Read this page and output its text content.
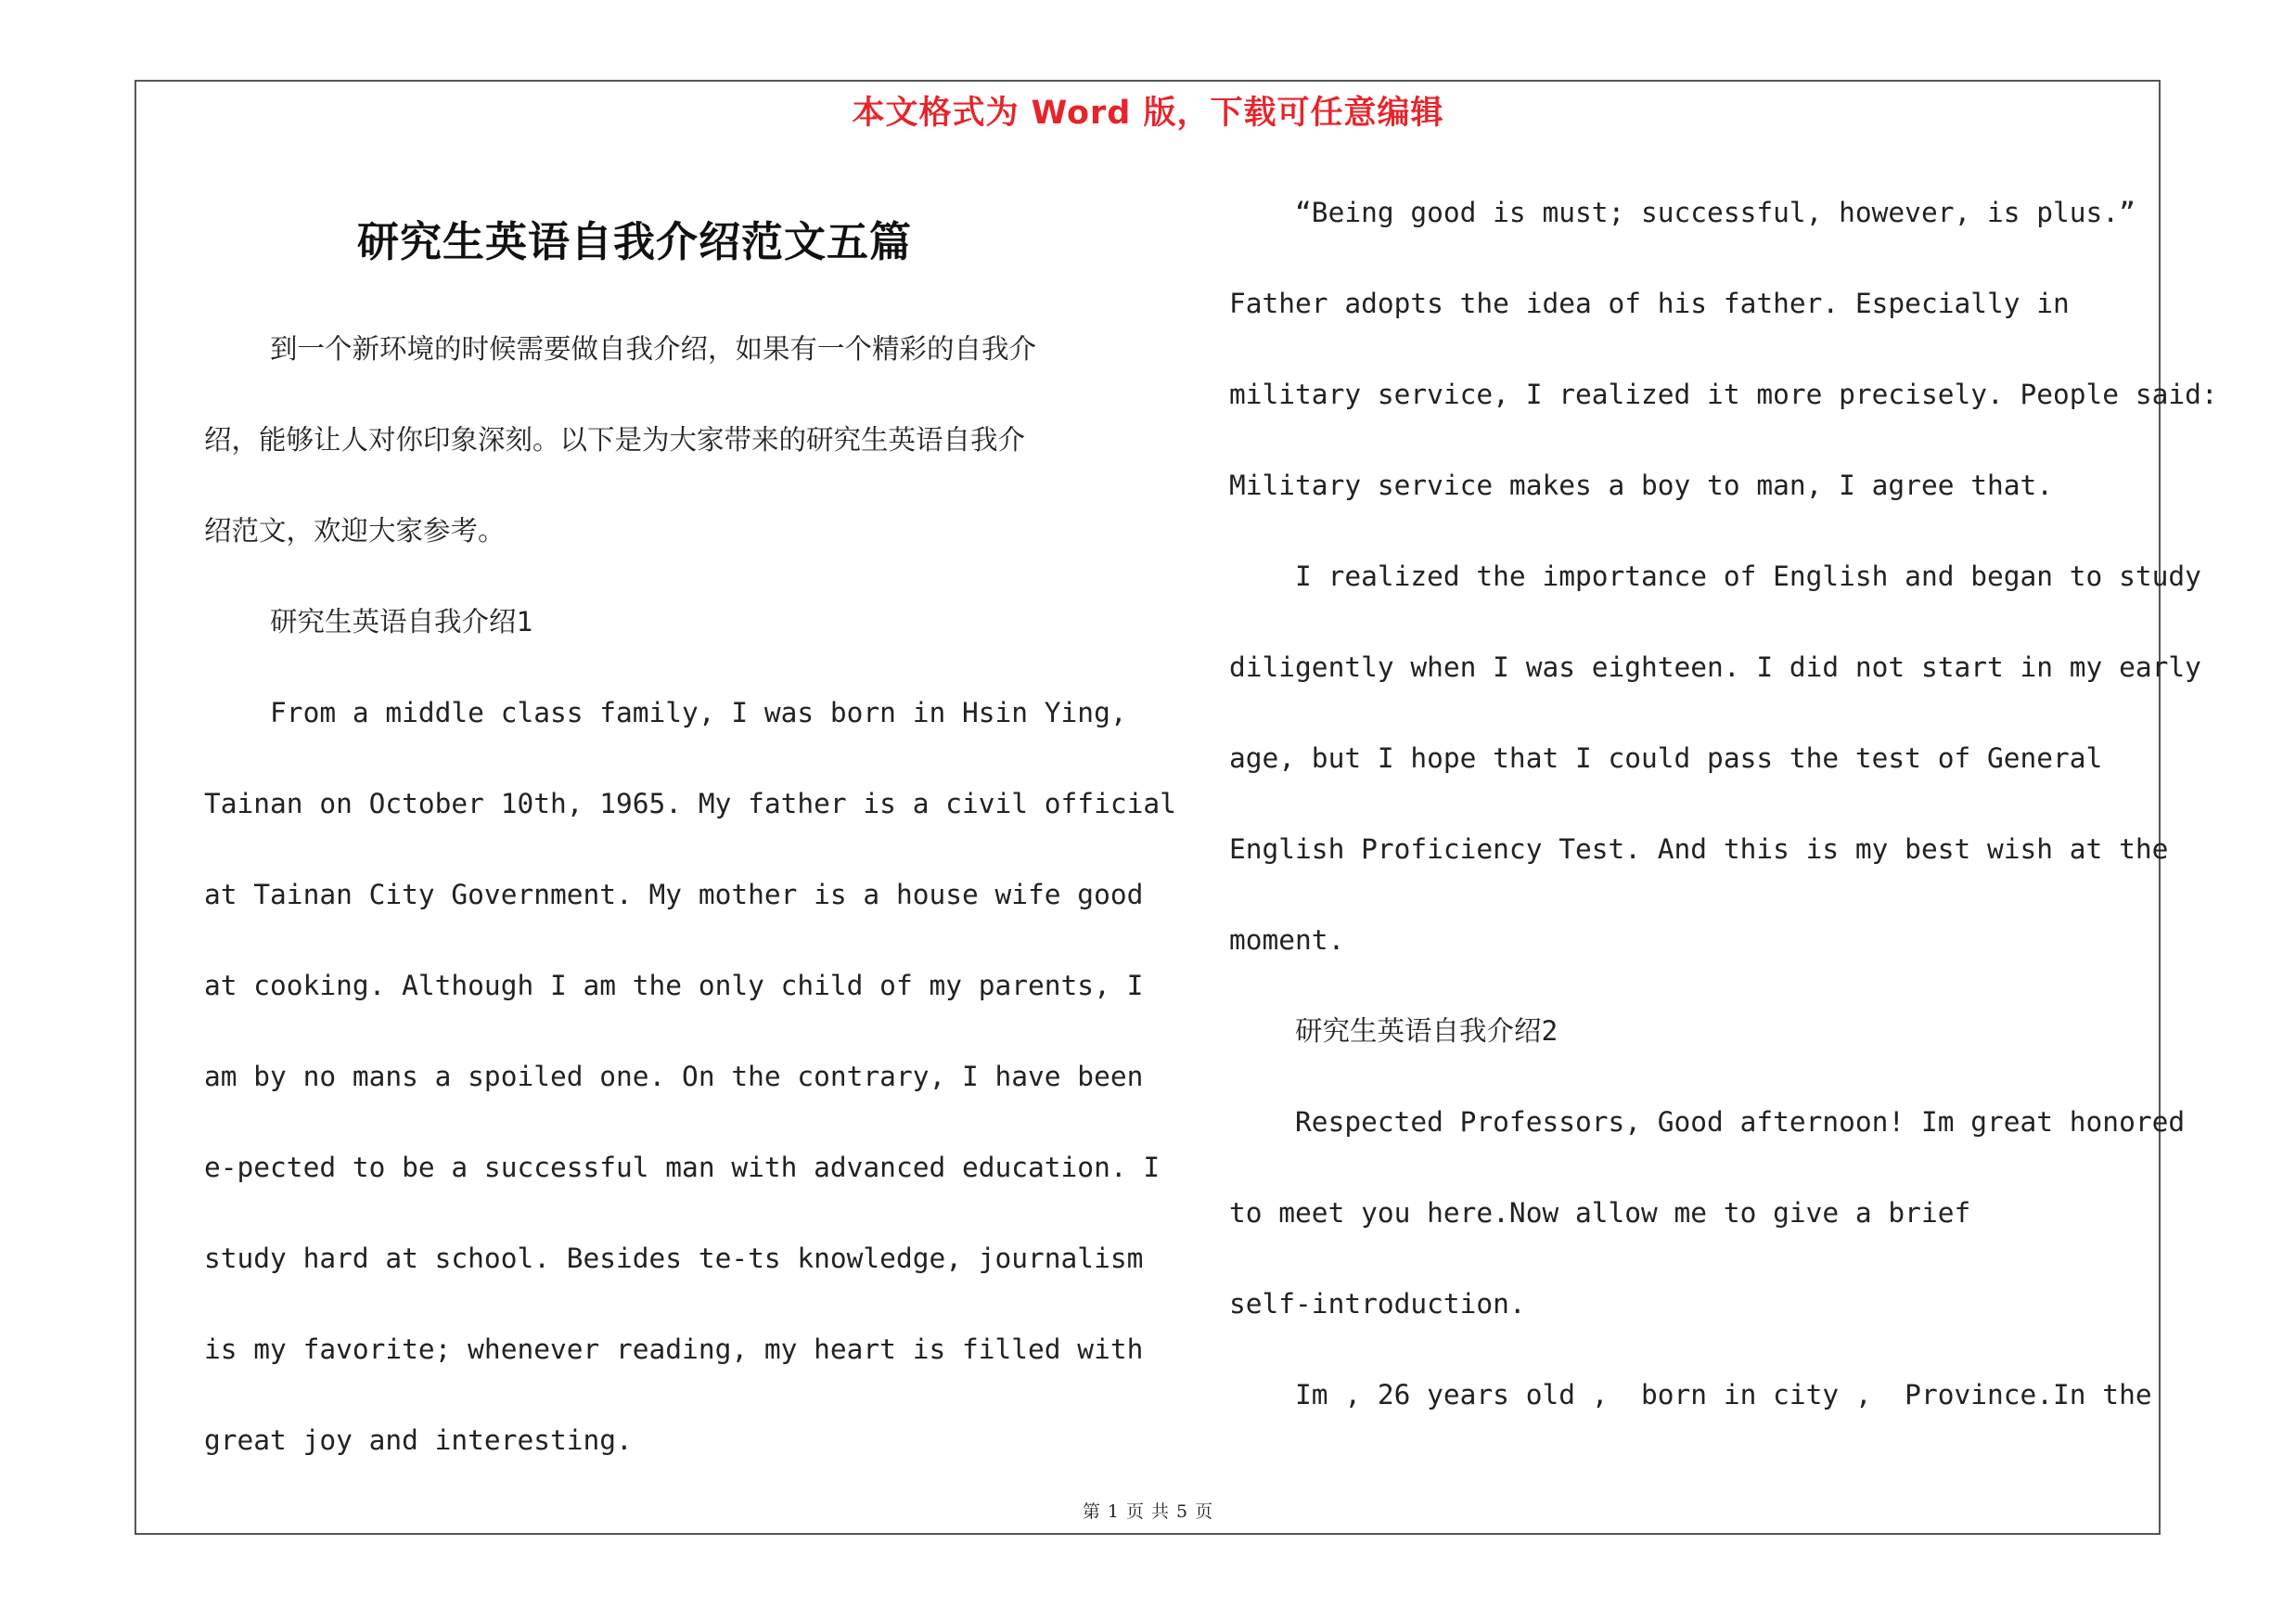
本文格式为 Word 版，下载可任意编辑
研究生英语自我介绍范文五篇
到一个新环境的时候需要做自我介绍，如果有一个精彩的自我介
绍，能够让人对你印象深刻。以下是为大家带来的研究生英语自我介
绍范文，欢迎大家参考。
研究生英语自我介绍1
From a middle class family, I was born in Hsin Ying,
Tainan on October 10th, 1965. My father is a civil official
at Tainan City Government. My mother is a house wife good
at cooking. Although I am the only child of my parents, I
am by no mans a spoiled one. On the contrary, I have been
e-pected to be a successful man with advanced education. I
study hard at school. Besides te-ts knowledge, journalism
is my favorite; whenever reading, my heart is filled with
great joy and interesting.
“Being good is must; successful, however, is plus.”
Father adopts the idea of his father. Especially in
military service, I realized it more precisely. People said:
Military service makes a boy to man, I agree that.
I realized the importance of English and began to study
diligently when I was eighteen. I did not start in my early
age, but I hope that I could pass the test of General
English Proficiency Test. And this is my best wish at the
moment.
研究生英语自我介绍2
Respected Professors, Good afternoon! Im great honored
to meet you here.Now allow me to give a brief
self-introduction.
Im , 26 years old ,  born in city ,  Province.In the
第 1 页 共 5 页
